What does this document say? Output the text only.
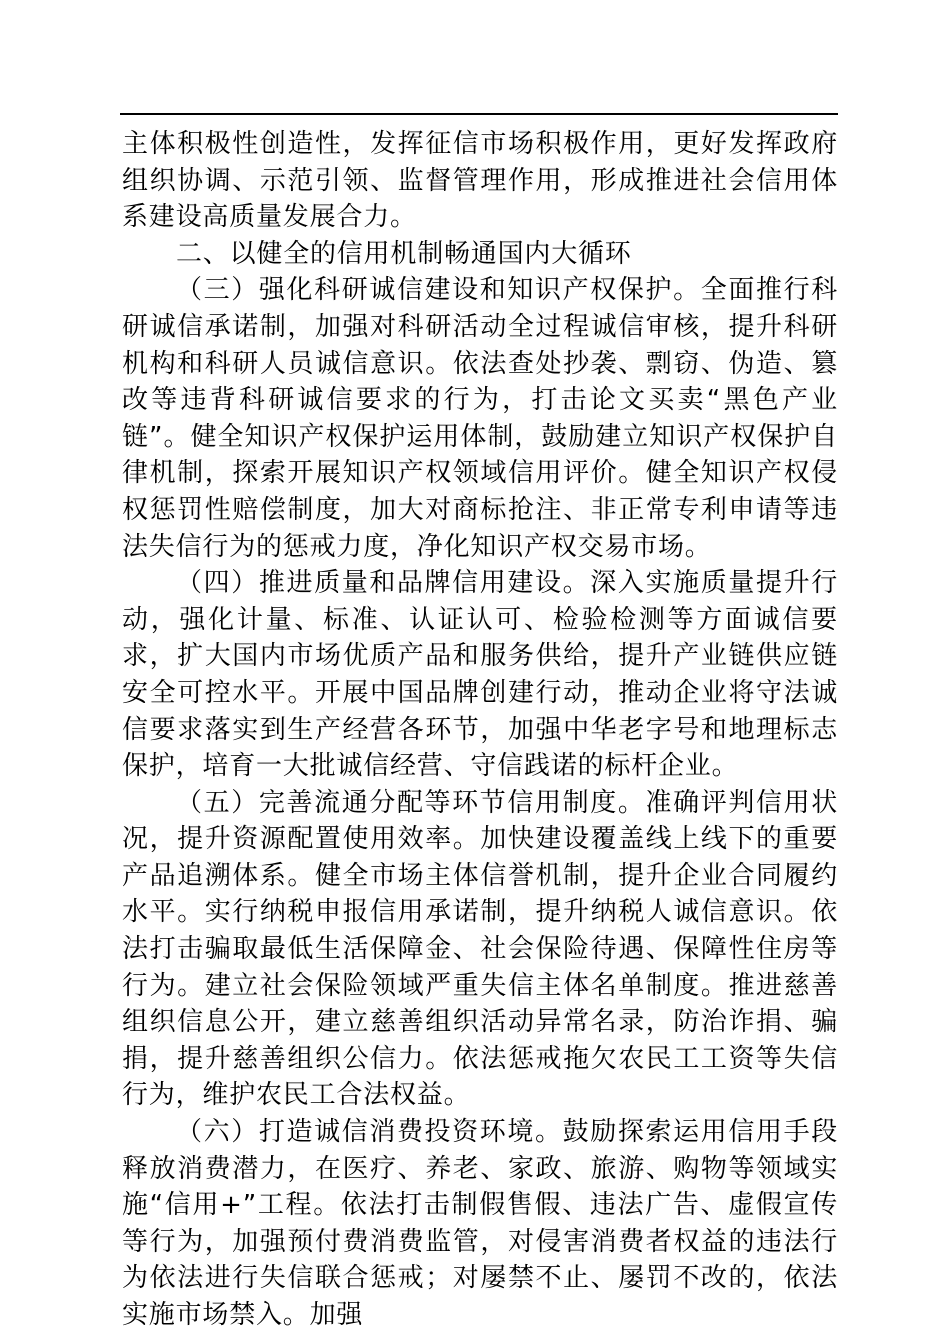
主体积极性创造性，发挥征信市场积极作用，更好发挥政府组织协调、示范引领、监督管理作用，形成推进社会信用体系建设高质量发展合力。

二、以健全的信用机制畅通国内大循环

（三）强化科研诚信建设和知识产权保护。全面推行科研诚信承诺制，加强对科研活动全过程诚信审核，提升科研机构和科研人员诚信意识。依法查处抄袭、剽窃、伪造、篡改等违背科研诚信要求的行为，打击论文买卖“黑色产业链”。健全知识产权保护运用体制，鼓励建立知识产权保护自律机制，探索开展知识产权领域信用评价。健全知识产权侵权惩罚性赔偿制度，加大对商标抢注、非正常专利申请等违法失信行为的惩戒力度，净化知识产权交易市场。

（四）推进质量和品牌信用建设。深入实施质量提升行动，强化计量、标准、认证认可、检验检测等方面诚信要求，扩大国内市场优质产品和服务供给，提升产业链供应链安全可控水平。开展中国品牌创建行动，推动企业将守法诚信要求落实到生产经营各环节，加强中华老字号和地理标志保护，培育一大批诚信经营、守信践诺的标杆企业。

（五）完善流通分配等环节信用制度。准确评判信用状况，提升资源配置使用效率。加快建设覆盖线上线下的重要产品追溯体系。健全市场主体信誉机制，提升企业合同履约水平。实行纳税申报信用承诺制，提升纳税人诚信意识。依法打击骗取最低生活保障金、社会保险待遇、保障性住房等行为。建立社会保险领域严重失信主体名单制度。推进慈善组织信息公开，建立慈善组织活动异常名录，防治诈捐、骗捐，提升慈善组织公信力。依法惩戒拖欠农民工工资等失信行为，维护农民工合法权益。

（六）打造诚信消费投资环境。鼓励探索运用信用手段释放消费潜力，在医疗、养老、家政、旅游、购物等领域实施“信用+”工程。依法打击制假售假、违法广告、虚假宣传等行为，加强预付费消费监管，对侵害消费者权益的违法行为依法进行失信联合惩戒；对屡禁不止、屡罚不改的，依法实施市场禁入。加强
